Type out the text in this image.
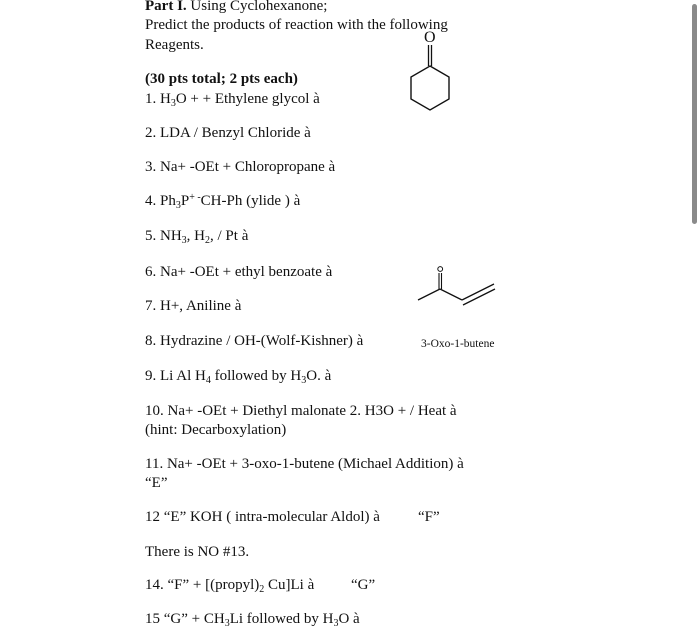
Part I. Using Cyclohexanone;
Predict the products of reaction with the following
Reagents.
(30 pts total; 2 pts each)
O
1. $H_3O$ + + Ethylene glycol à
2. LDA / Benzyl Chloride à
3. Na+ -OEt + Chloropropane à
4. $Ph_3P^{+ -}CH-Ph$ (ylide ) à
5. $NH_3$, $H_2$, / Pt à
6. Na+ -OEt + ethyl benzoate à
7. H+, Aniline à
8. Hydrazine / OH-(Wolf-Kishner) à	3-Oxo-1-butene
9. Li Al $H_4$ followed by $H_3O$. à
10. Na+ -OEt + Diethyl malonate 2. H3O + / Heat à
(hint: Decarboxylation)
11. Na+ -OEt + 3-oxo-1-butene (Michael Addition) à
“E”
12 “E” KOH ( intra-molecular Aldol) à	“F”
There is NO #13.
14. “F” + [$(propyl)_2$ Cu]Li à “G”
15 “G” + $CH_3Li$ followed by $H_3O$ à
